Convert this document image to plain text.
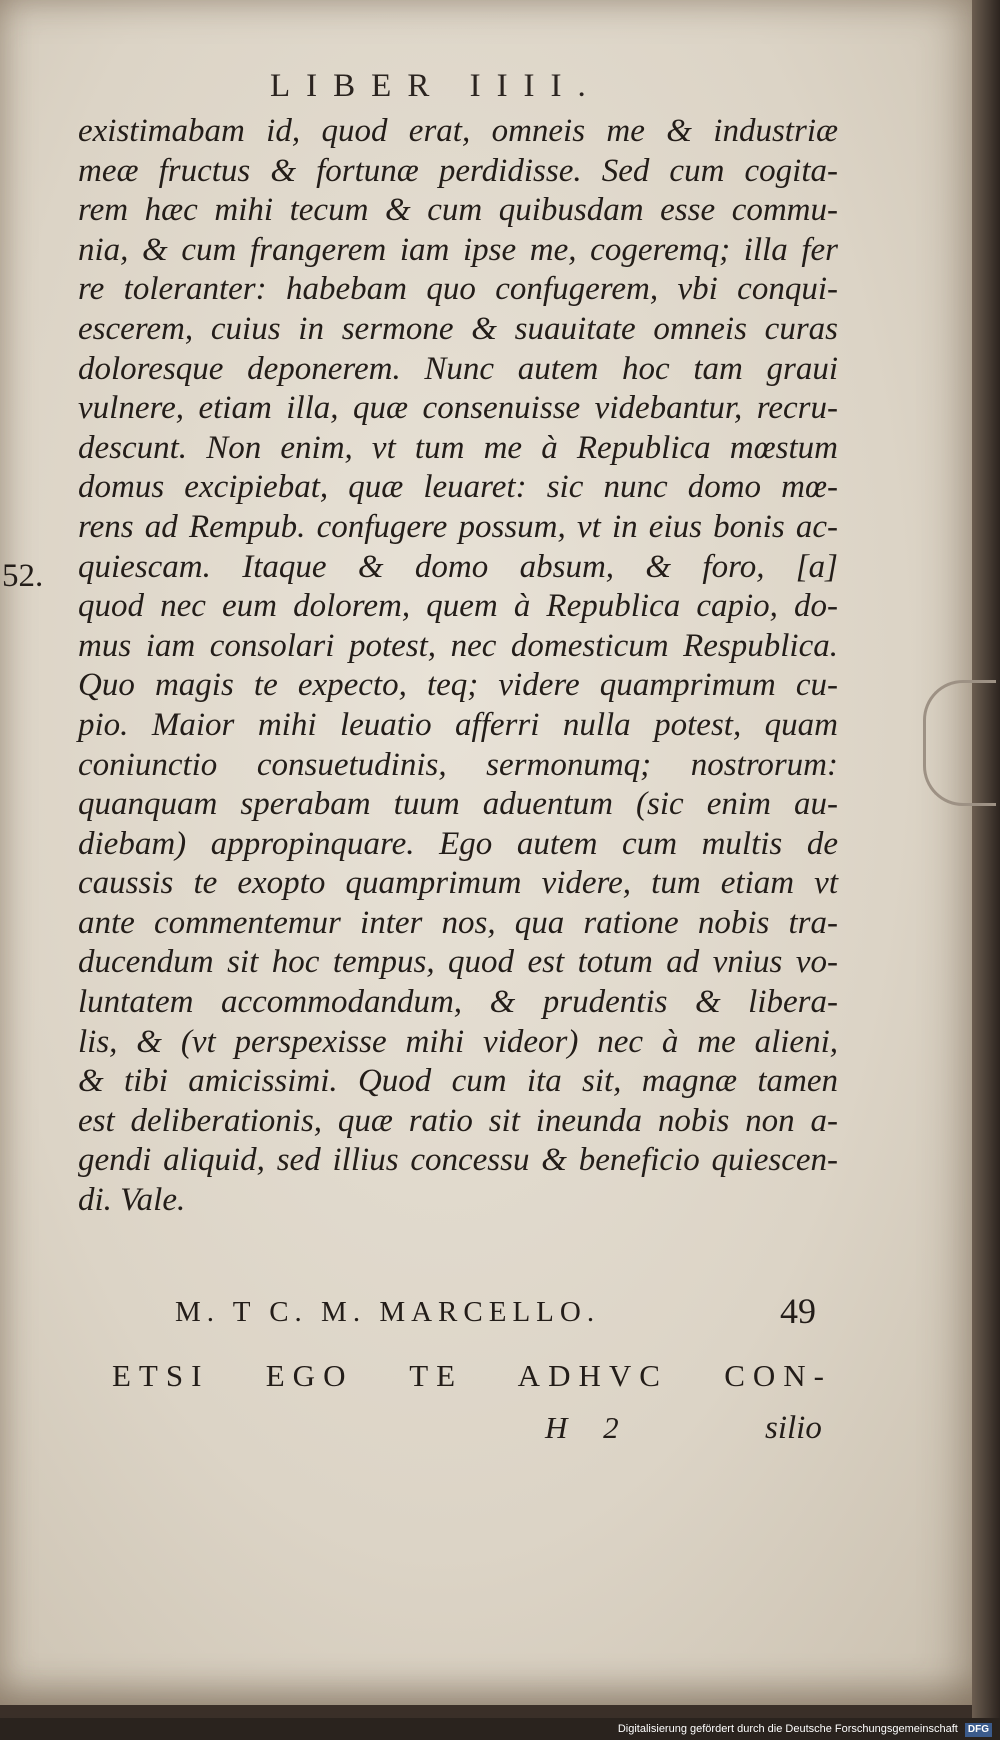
LIBER IIII.
52.
existimabam id, quod erat, omneis me & industriæ
meæ fructus & fortunæ perdidisse. Sed cum cogita-
rem hæc mihi tecum & cum quibusdam esse commu-
nia, & cum frangerem iam ipse me, cogeremq; illa fer
re toleranter: habebam quo confugerem, vbi conqui-
escerem, cuius in sermone & suauitate omneis curas
doloresque deponerem. Nunc autem hoc tam graui
vulnere, etiam illa, quæ consenuisse videbantur, recru-
descunt. Non enim, vt tum me à Republica mœstum
domus excipiebat, quæ leuaret: sic nunc domo mœ-
rens ad Rempub. confugere possum, vt in eius bonis ac-
quiescam. Itaque & domo absum, & foro, [a]
quod nec eum dolorem, quem à Republica capio, do-
mus iam consolari potest, nec domesticum Respublica.
Quo magis te expecto, teq; videre quamprimum cu-
pio. Maior mihi leuatio afferri nulla potest, quam
coniunctio consuetudinis, sermonumq; nostrorum:
quanquam sperabam tuum aduentum (sic enim au-
diebam) appropinquare. Ego autem cum multis de
caussis te exopto quamprimum videre, tum etiam vt
ante commentemur inter nos, qua ratione nobis tra-
ducendum sit hoc tempus, quod est totum ad vnius vo-
luntatem accommodandum, & prudentis & libera-
lis, & (vt perspexisse mihi videor) nec à me alieni,
& tibi amicissimi. Quod cum ita sit, magnæ tamen
est deliberationis, quæ ratio sit ineunda nobis non a-
gendi aliquid, sed illius concessu & beneficio quiescen-
di. Vale.
M. T C. M. MARCELLO.	49
ETSI EGO TE ADHVC CON-
H 2	silio
Digitalisierung gefördert durch die Deutsche Forschungsgemeinschaft DFG
